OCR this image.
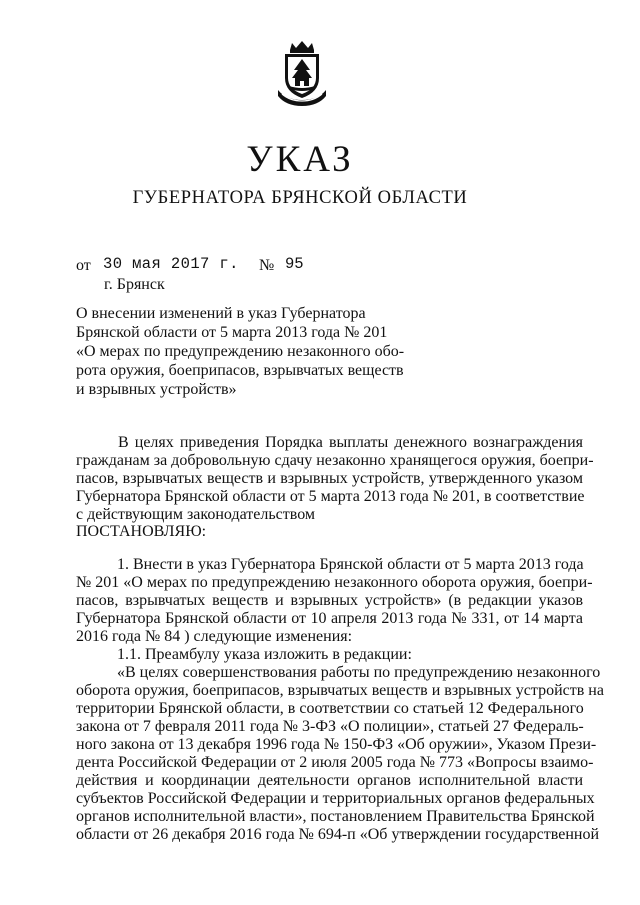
УКАЗ
ГУБЕРНАТОРА БРЯНСКОЙ ОБЛАСТИ
от 30 мая 2017 г. № 95
г. Брянск
О внесении изменений в указ Губернатора
Брянской области от 5 марта 2013 года № 201
«О мерах по предупреждению незаконного обо-
рота оружия, боеприпасов, взрывчатых веществ
и взрывных устройств»
В целях приведения Порядка выплаты денежного вознаграждения
гражданам за добровольную сдачу незаконно хранящегося оружия, боепри-
пасов, взрывчатых веществ и взрывных устройств, утвержденного указом
Губернатора Брянской области от 5 марта 2013 года № 201, в соответствие
с действующим законодательством
ПОСТАНОВЛЯЮ:
1. Внести в указ Губернатора Брянской области от 5 марта 2013 года
№ 201 «О мерах по предупреждению незаконного оборота оружия, боепри-
пасов, взрывчатых веществ и взрывных устройств» (в редакции указов
Губернатора Брянской области от 10 апреля 2013 года № 331, от 14 марта
2016 года № 84 ) следующие изменения:
1.1. Преамбулу указа изложить в редакции:
«В целях совершенствования работы по предупреждению незаконного
оборота оружия, боеприпасов, взрывчатых веществ и взрывных устройств на
территории Брянской области, в соответствии со статьей 12 Федерального
закона от 7 февраля 2011 года № 3-ФЗ «О полиции», статьей 27 Федераль-
ного закона от 13 декабря 1996 года № 150-ФЗ «Об оружии», Указом Прези-
дента Российской Федерации от 2 июля 2005 года № 773 «Вопросы взаимо-
действия и координации деятельности органов исполнительной власти
субъектов Российской Федерации и территориальных органов федеральных
органов исполнительной власти», постановлением Правительства Брянской
области от 26 декабря 2016 года № 694-п «Об утверждении государственной
